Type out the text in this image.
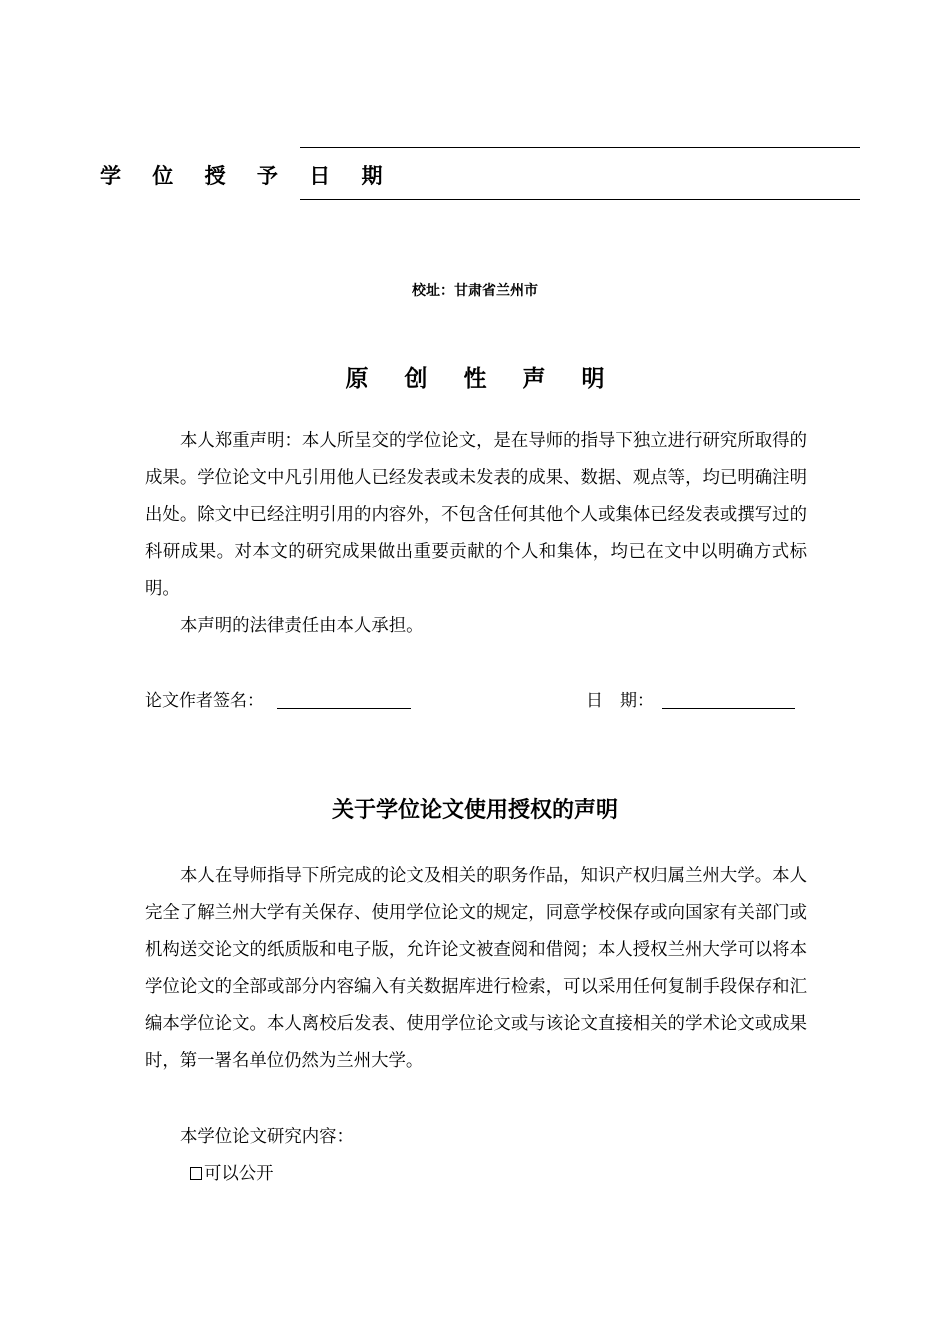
学 位 授 予 日 期
校址：甘肃省兰州市
原 创 性 声 明

本人郑重声明：本人所呈交的学位论文，是在导师的指导下独立进行研究所取得的成果。学位论文中凡引用他人已经发表或未发表的成果、数据、观点等，均已明确注明出处。除文中已经注明引用的内容外，不包含任何其他个人或集体已经发表或撰写过的科研成果。对本文的研究成果做出重要贡献的个人和集体，均已在文中以明确方式标明。

本声明的法律责任由本人承担。

论文作者签名：	日　期：
关于学位论文使用授权的声明

本人在导师指导下所完成的论文及相关的职务作品，知识产权归属兰州大学。本人完全了解兰州大学有关保存、使用学位论文的规定，同意学校保存或向国家有关部门或机构送交论文的纸质版和电子版，允许论文被查阅和借阅；本人授权兰州大学可以将本学位论文的全部或部分内容编入有关数据库进行检索，可以采用任何复制手段保存和汇编本学位论文。本人离校后发表、使用学位论文或与该论文直接相关的学术论文或成果时，第一署名单位仍然为兰州大学。

本学位论文研究内容：

可以公开
